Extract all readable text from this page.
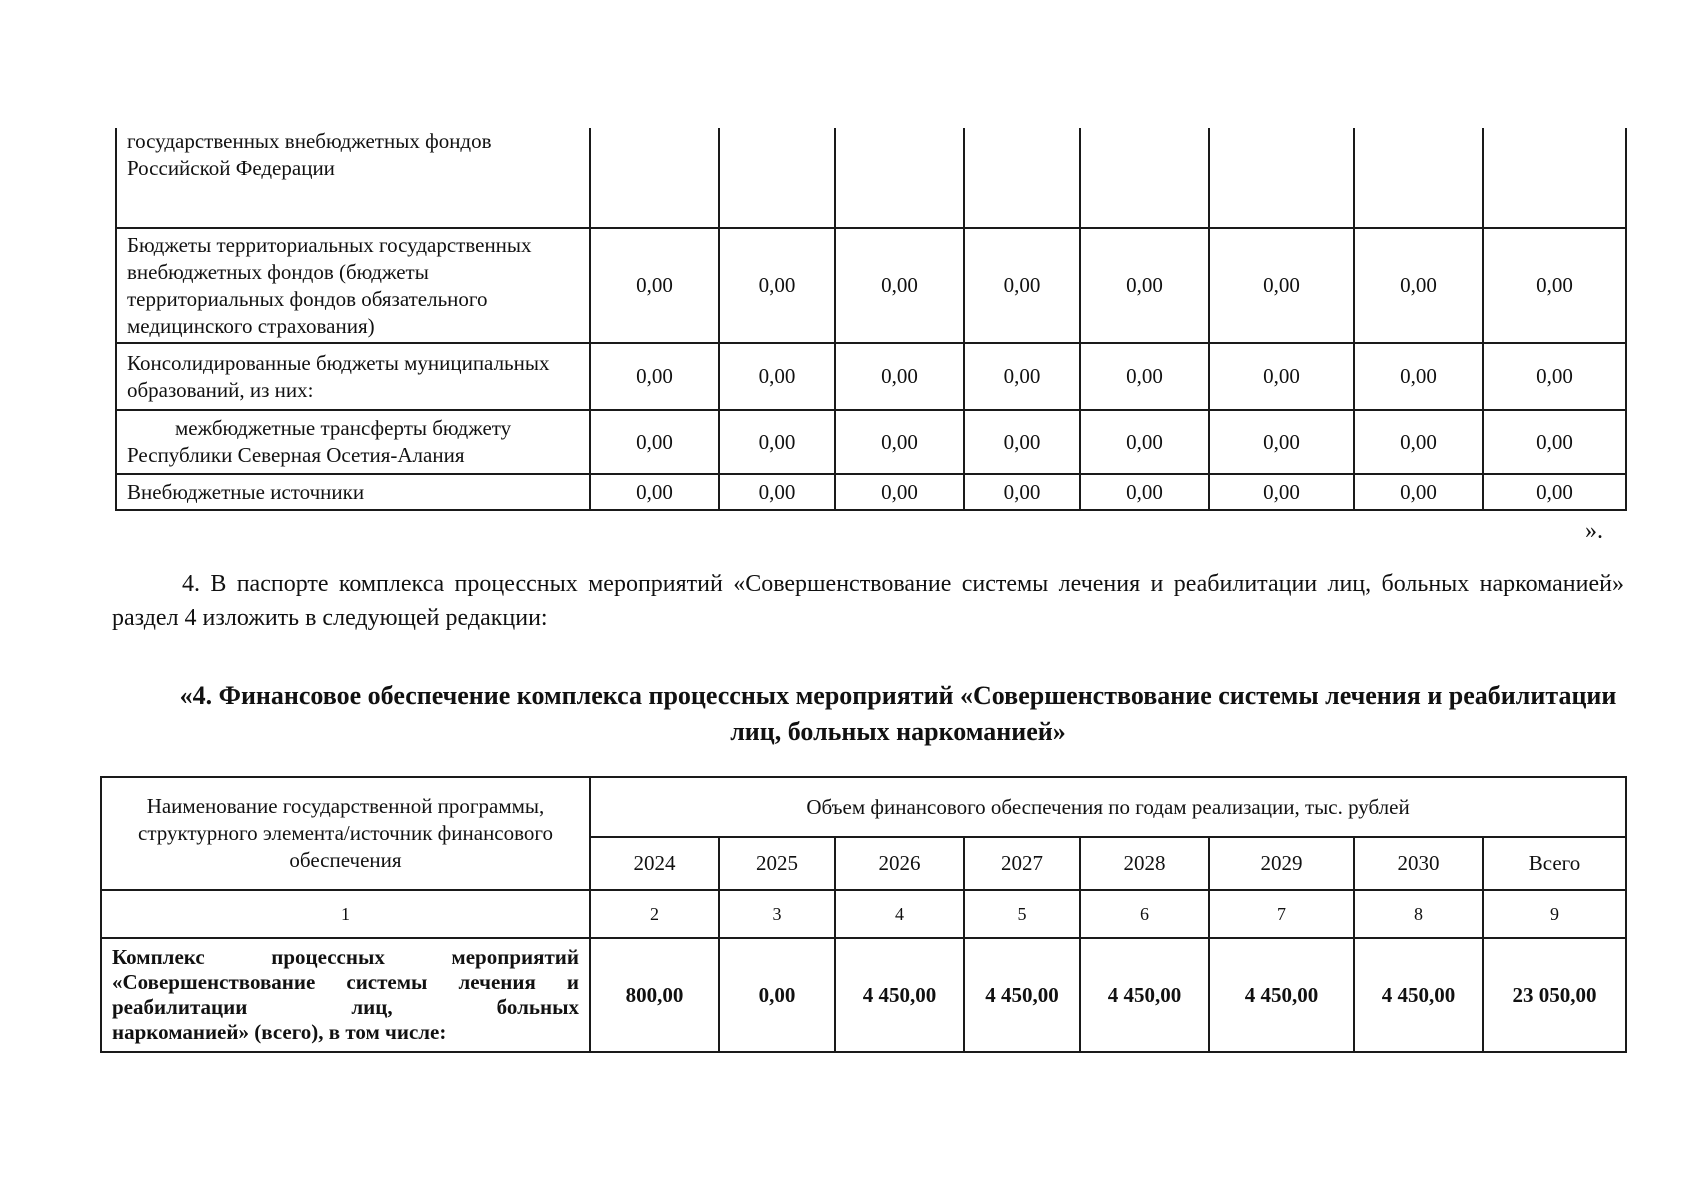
государственных внебюджетных фондов Российской Федерации								
Бюджеты территориальных государственных внебюджетных фондов (бюджеты территориальных фондов обязательного медицинского страхования)	0,00	0,00	0,00	0,00	0,00	0,00	0,00	0,00
Консолидированные бюджеты муниципальных образований, из них:	0,00	0,00	0,00	0,00	0,00	0,00	0,00	0,00
межбюджетные трансферты бюджету Республики Северная Осетия-Алания	0,00	0,00	0,00	0,00	0,00	0,00	0,00	0,00
Внебюджетные источники	0,00	0,00	0,00	0,00	0,00	0,00	0,00	0,00
».
4. В паспорте комплекса процессных мероприятий «Совершенствование системы лечения и реабилитации лиц, больных наркоманией» раздел 4 изложить в следующей редакции:
«4. Финансовое обеспечение комплекса процессных мероприятий «Совершенствование системы лечения и реабилитации лиц, больных наркоманией»
Наименование государственной программы, структурного элемента/источник финансового обеспечения	Объем финансового обеспечения по годам реализации, тыс. рублей							
	2024	2025	2026	2027	2028	2029	2030	Всего
1	2	3	4	5	6	7	8	9
Комплекс процессных мероприятий «Совершенствование системы лечения и реабилитации лиц, больных
наркоманией» (всего), в том числе:	800,00	0,00	4 450,00	4 450,00	4 450,00	4 450,00	4 450,00	23 050,00
